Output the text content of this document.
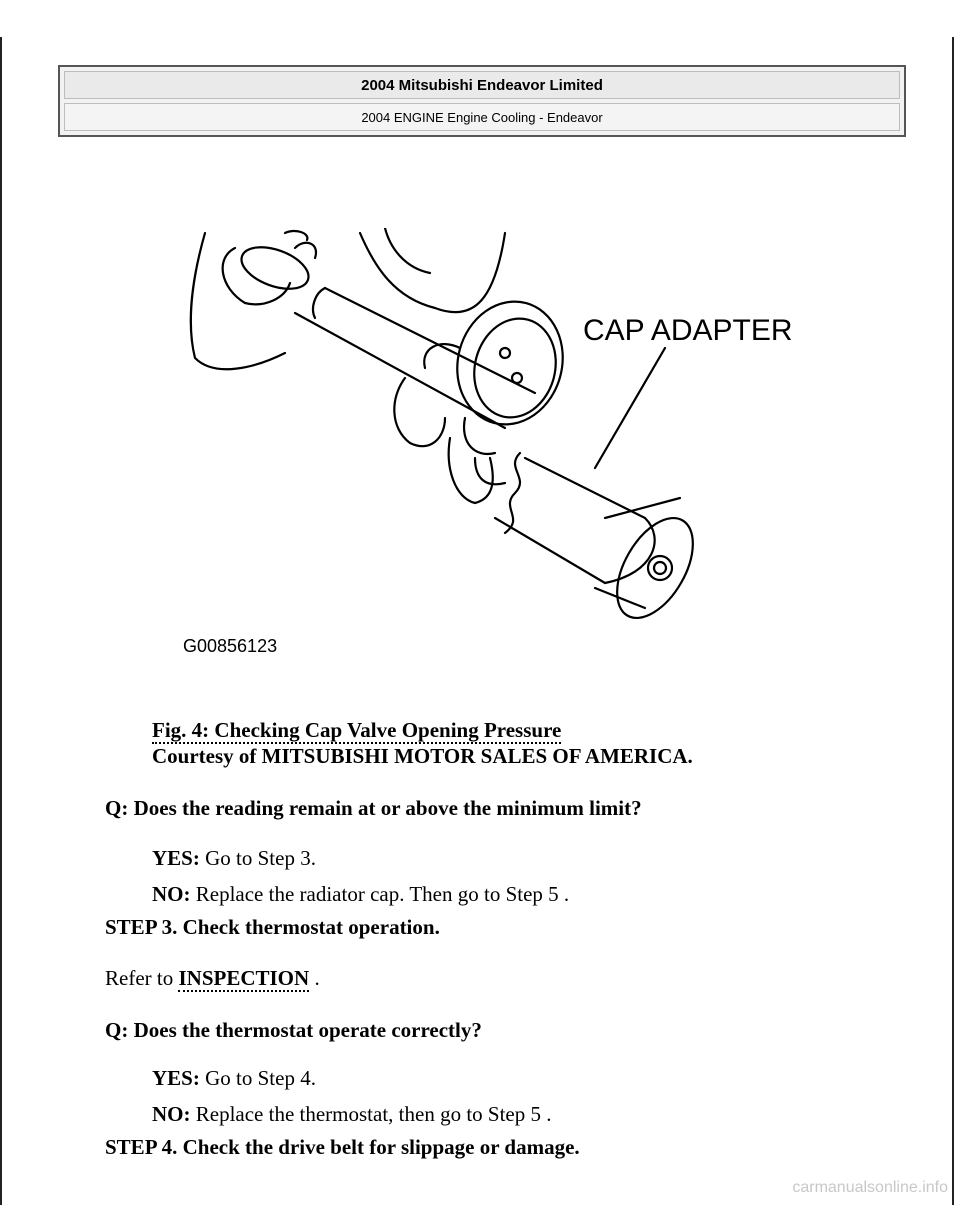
2004 Mitsubishi Endeavor Limited
2004 ENGINE Engine Cooling - Endeavor
CAP ADAPTER
G00856123
Fig. 4: Checking Cap Valve Opening Pressure
Courtesy of MITSUBISHI MOTOR SALES OF AMERICA.
Q: Does the reading remain at or above the minimum limit?
YES: Go to Step 3.
NO: Replace the radiator cap. Then go to Step 5 .
STEP 3. Check thermostat operation.
Refer to INSPECTION .
Q: Does the thermostat operate correctly?
YES: Go to Step 4.
NO: Replace the thermostat, then go to Step 5 .
STEP 4. Check the drive belt for slippage or damage.
carmanualsonline.info
